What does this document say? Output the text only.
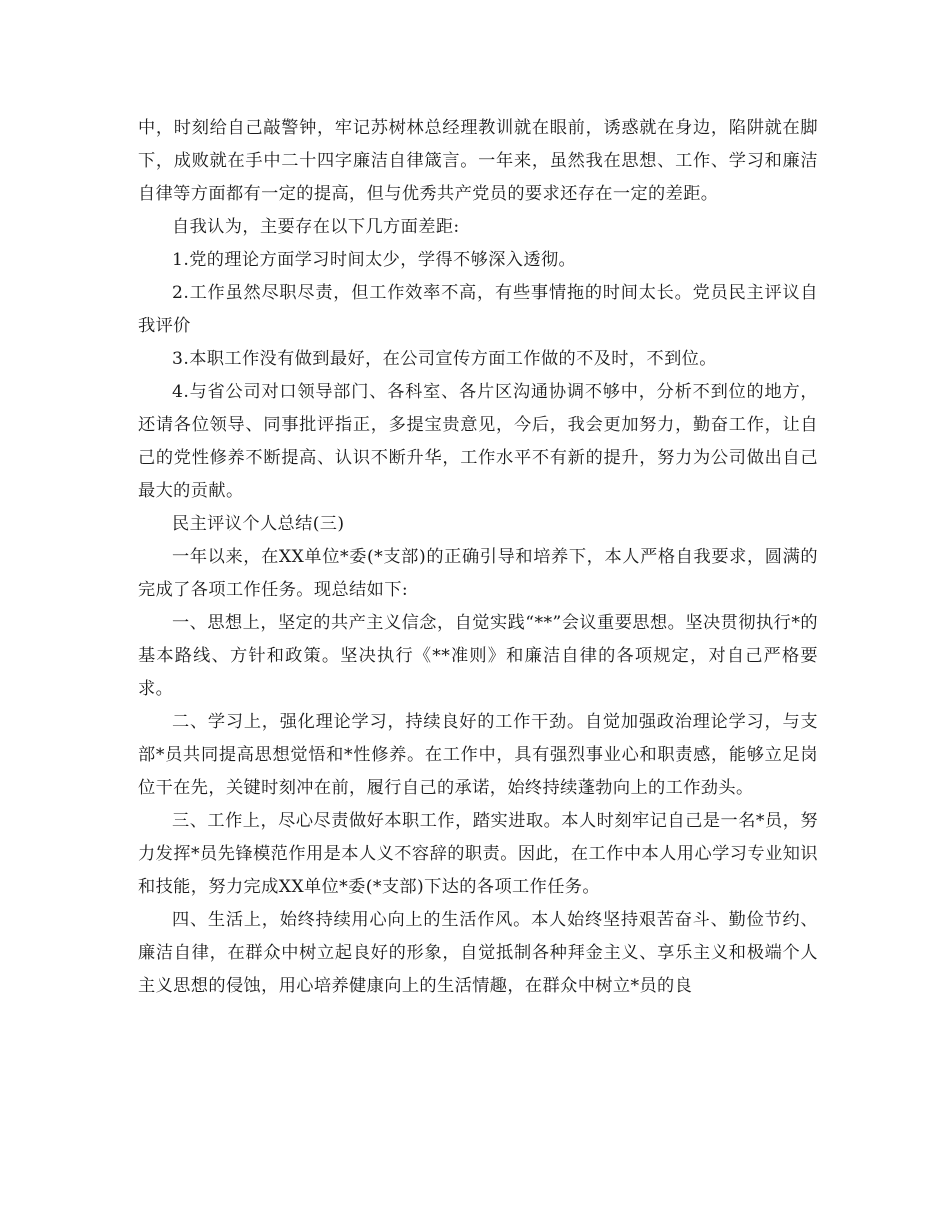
中，时刻给自己敲警钟，牢记苏树林总经理教训就在眼前，诱惑就在身边，陷阱就在脚下，成败就在手中二十四字廉洁自律箴言。一年来，虽然我在思想、工作、学习和廉洁自律等方面都有一定的提高，但与优秀共产党员的要求还存在一定的差距。

自我认为，主要存在以下几方面差距:

1.党的理论方面学习时间太少，学得不够深入透彻。

2.工作虽然尽职尽责，但工作效率不高，有些事情拖的时间太长。党员民主评议自我评价

3.本职工作没有做到最好，在公司宣传方面工作做的不及时，不到位。

4.与省公司对口领导部门、各科室、各片区沟通协调不够中，分析不到位的地方，还请各位领导、同事批评指正，多提宝贵意见，今后，我会更加努力，勤奋工作，让自己的党性修养不断提高、认识不断升华，工作水平不有新的提升，努力为公司做出自己最大的贡献。

民主评议个人总结(三)

一年以来，在XX单位*委(*支部)的正确引导和培养下，本人严格自我要求，圆满的完成了各项工作任务。现总结如下:

一、思想上，坚定的共产主义信念，自觉实践“**”会议重要思想。坚决贯彻执行*的基本路线、方针和政策。坚决执行《**准则》和廉洁自律的各项规定，对自己严格要求。

二、学习上，强化理论学习，持续良好的工作干劲。自觉加强政治理论学习，与支部*员共同提高思想觉悟和*性修养。在工作中，具有强烈事业心和职责感，能够立足岗位干在先，关键时刻冲在前，履行自己的承诺，始终持续蓬勃向上的工作劲头。

三、工作上，尽心尽责做好本职工作，踏实进取。本人时刻牢记自己是一名*员，努力发挥*员先锋模范作用是本人义不容辞的职责。因此，在工作中本人用心学习专业知识和技能，努力完成XX单位*委(*支部)下达的各项工作任务。

四、生活上，始终持续用心向上的生活作风。本人始终坚持艰苦奋斗、勤俭节约、廉洁自律，在群众中树立起良好的形象，自觉抵制各种拜金主义、享乐主义和极端个人主义思想的侵蚀，用心培养健康向上的生活情趣，在群众中树立*员的良
